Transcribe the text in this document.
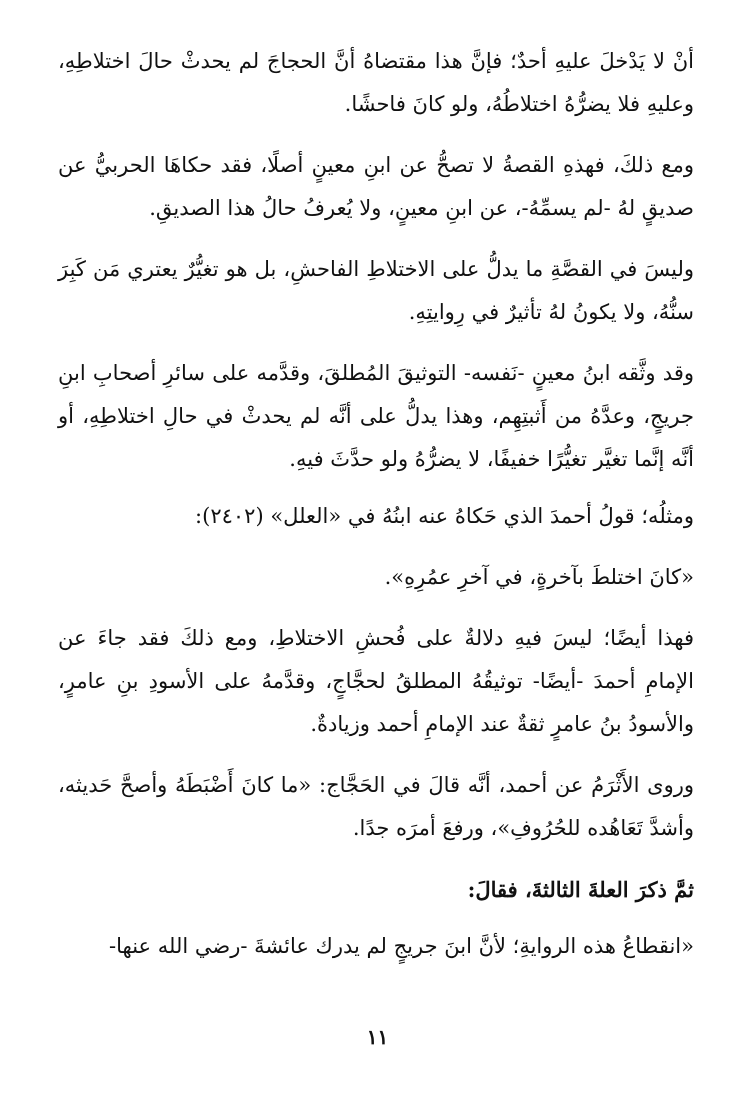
أنْ لا يَدْخلَ عليهِ أحدٌ؛ فإنَّ هذا مقتضاهُ أنَّ الحجاجَ لم يحدثْ حالَ اختلاطِهِ، وعليهِ فلا يضرُّهُ اختلاطُهُ، ولو كانَ فاحشًا.

ومع ذلكَ، فهذهِ القصةُ لا تصحُّ عن ابنِ معينٍ أصلًا، فقد حكاهَا الحربيُّ عن صديقٍ لهُ -لم يسمِّهُ-، عن ابنِ معينٍ، ولا يُعرفُ حالُ هذا الصديقِ.

وليسَ في القصَّةِ ما يدلُّ على الاختلاطِ الفاحشِ، بل هو تغيُّرٌ يعتري مَن كَبِرَ سنُّهُ، ولا يكونُ لهُ تأثيرٌ في رِوايتِهِ.

وقد وثَّقه ابنُ معينٍ -نَفسه- التوثيقَ المُطلقَ، وقدَّمه على سائرِ أصحابِ ابنِ جريجٍ، وعدَّهُ من أَثبتِهِم، وهذا يدلُّ على أنَّه لم يحدثْ في حالِ اختلاطِهِ، أو أنَّه إنَّما تغيَّر تغيُّرًا خفيفًا، لا يضرُّهُ ولو حدَّثَ فيهِ.

ومثلُه؛ قولُ أحمدَ الذي حَكاهُ عنه ابنُهُ في «العلل» (٢٤٠٢):

«كانَ اختلطَ بآخرةٍ، في آخرِ عمُرِهِ».

فهذا أيضًا؛ ليسَ فيهِ دلالةٌ على فُحشِ الاختلاطِ، ومع ذلكَ فقد جاءَ عن الإمامِ أحمدَ -أيضًا- توثيقُهُ المطلقُ لحجَّاجٍ، وقدَّمهُ على الأسودِ بنِ عامرٍ، والأسودُ بنُ عامرٍ ثقةٌ عند الإمامِ أحمد وزيادةٌ.

وروى الأَثْرَمُ عن أحمد، أنَّه قالَ في الحَجَّاج: «ما كانَ أَضْبَطَهُ وأصحَّ حَديثه، وأشدَّ تَعَاهُده للحُرُوفِ»، ورفعَ أمرَه جدًا.

ثمَّ ذكرَ العلةَ الثالثةَ، فقالَ:

«انقطاعُ هذه الروايةِ؛ لأنَّ ابنَ جريجٍ لم يدرك عائشةَ -رضي الله عنها-

١١
